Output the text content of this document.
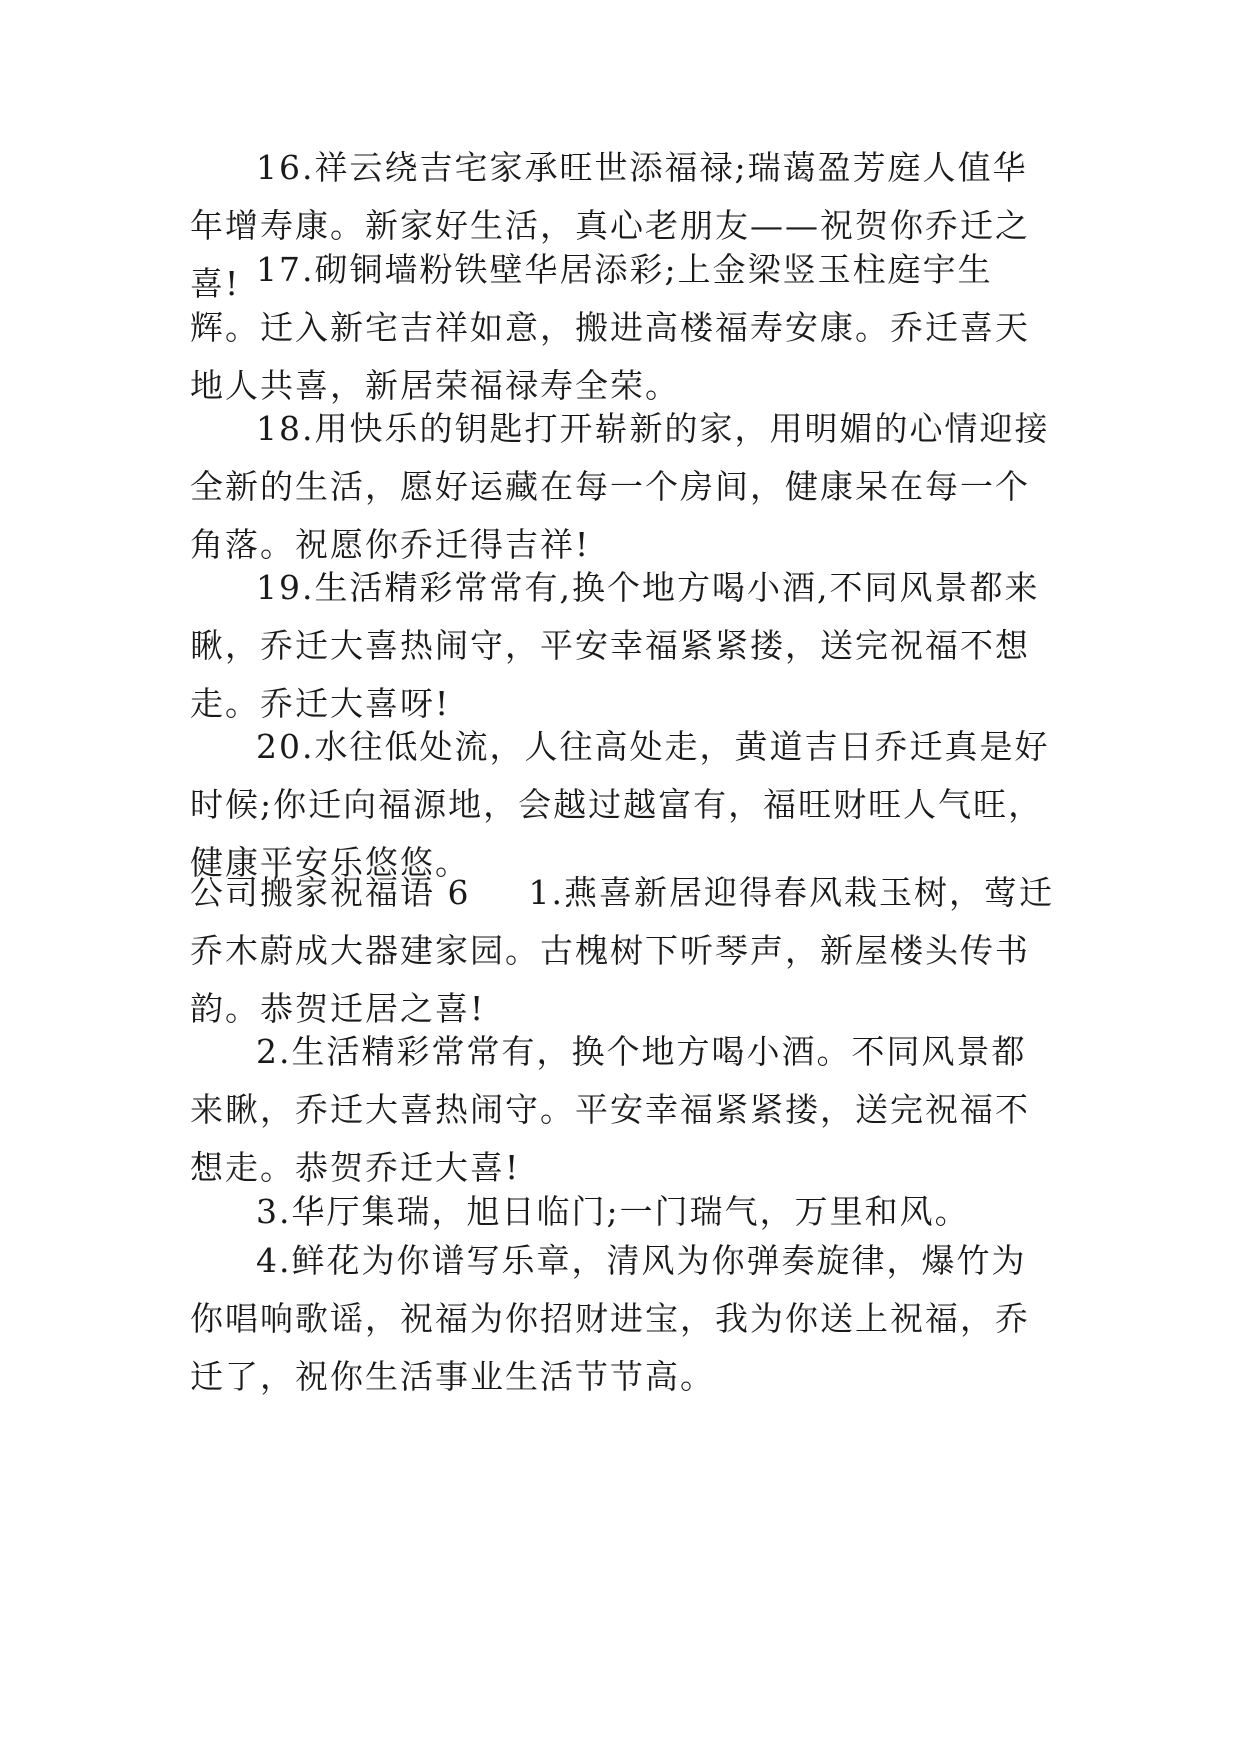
16.祥云绕吉宅家承旺世添福禄;瑞蔼盈芳庭人值华年增寿康。新家好生活，真心老朋友——祝贺你乔迁之喜! 17.砌铜墙粉铁壁华居添彩;上金梁竖玉柱庭宇生辉。迁入新宅吉祥如意，搬进高楼福寿安康。乔迁喜天地人共喜，新居荣福禄寿全荣。

18.用快乐的钥匙打开崭新的家，用明媚的心情迎接全新的生活，愿好运藏在每一个房间，健康呆在每一个角落。祝愿你乔迁得吉祥!

19.生活精彩常常有,换个地方喝小酒,不同风景都来瞅，乔迁大喜热闹守，平安幸福紧紧搂，送完祝福不想走。乔迁大喜呀!

20.水往低处流，人往高处走，黄道吉日乔迁真是好时候;你迁向福源地，会越过越富有，福旺财旺人气旺，健康平安乐悠悠。

公司搬家祝福语 6 1.燕喜新居迎得春风栽玉树，莺迁乔木蔚成大器建家园。古槐树下听琴声，新屋楼头传书韵。恭贺迁居之喜!

2.生活精彩常常有，换个地方喝小酒。不同风景都来瞅，乔迁大喜热闹守。平安幸福紧紧搂，送完祝福不想走。恭贺乔迁大喜!

3.华厅集瑞，旭日临门;一门瑞气，万里和风。

4.鲜花为你谱写乐章，清风为你弹奏旋律，爆竹为你唱响歌谣，祝福为你招财进宝，我为你送上祝福，乔迁了，祝你生活事业生活节节高。
